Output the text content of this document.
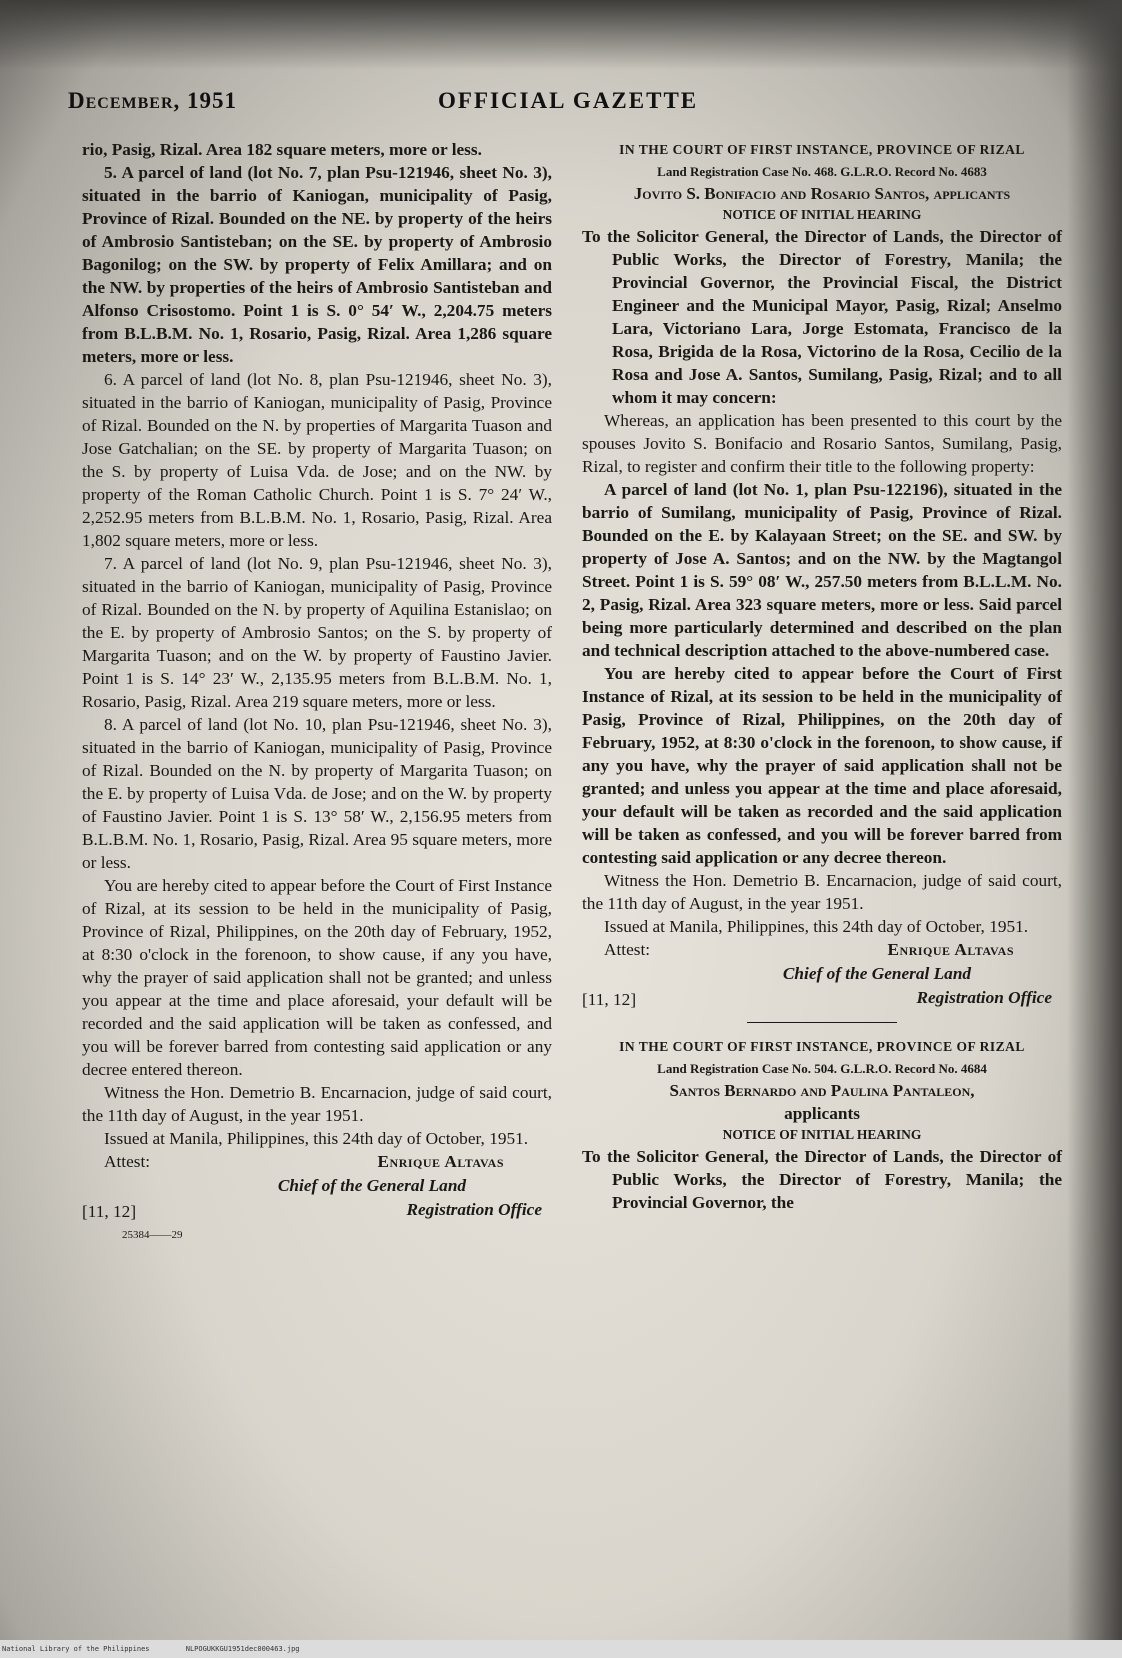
December, 1951	OFFICIAL GAZETTE

rio, Pasig, Rizal. Area 182 square meters, more or less.

5. A parcel of land (lot No. 7, plan Psu-121946, sheet No. 3), situated in the barrio of Kaniogan, municipality of Pasig, Province of Rizal. Bounded on the NE. by property of the heirs of Ambrosio Santisteban; on the SE. by property of Ambrosio Bagonilog; on the SW. by property of Felix Amillara; and on the NW. by properties of the heirs of Ambrosio Santisteban and Alfonso Crisostomo. Point 1 is S. 0° 54′ W., 2,204.75 meters from B.L.B.M. No. 1, Rosario, Pasig, Rizal. Area 1,286 square meters, more or less.

6. A parcel of land (lot No. 8, plan Psu-121946, sheet No. 3), situated in the barrio of Kaniogan, municipality of Pasig, Province of Rizal. Bounded on the N. by properties of Margarita Tuason and Jose Gatchalian; on the SE. by property of Margarita Tuason; on the S. by property of Luisa Vda. de Jose; and on the NW. by property of the Roman Catholic Church. Point 1 is S. 7° 24′ W., 2,252.95 meters from B.L.B.M. No. 1, Rosario, Pasig, Rizal. Area 1,802 square meters, more or less.

7. A parcel of land (lot No. 9, plan Psu-121946, sheet No. 3), situated in the barrio of Kaniogan, municipality of Pasig, Province of Rizal. Bounded on the N. by property of Aquilina Estanislao; on the E. by property of Ambrosio Santos; on the S. by property of Margarita Tuason; and on the W. by property of Faustino Javier. Point 1 is S. 14° 23′ W., 2,135.95 meters from B.L.B.M. No. 1, Rosario, Pasig, Rizal. Area 219 square meters, more or less.

8. A parcel of land (lot No. 10, plan Psu-121946, sheet No. 3), situated in the barrio of Kaniogan, municipality of Pasig, Province of Rizal. Bounded on the N. by property of Margarita Tuason; on the E. by property of Luisa Vda. de Jose; and on the W. by property of Faustino Javier. Point 1 is S. 13° 58′ W., 2,156.95 meters from B.L.B.M. No. 1, Rosario, Pasig, Rizal. Area 95 square meters, more or less.

You are hereby cited to appear before the Court of First Instance of Rizal, at its session to be held in the municipality of Pasig, Province of Rizal, Philippines, on the 20th day of February, 1952, at 8:30 o'clock in the forenoon, to show cause, if any you have, why the prayer of said application shall not be granted; and unless you appear at the time and place aforesaid, your default will be recorded and the said application will be taken as confessed, and you will be forever barred from contesting said application or any decree entered thereon.

Witness the Hon. Demetrio B. Encarnacion, judge of said court, the 11th day of August, in the year 1951.

Issued at Manila, Philippines, this 24th day of October, 1951.

Attest:	Enrique Altavas
Chief of the General Land
[11, 12]	Registration Office
25384——29
IN THE COURT OF FIRST INSTANCE, PROVINCE OF RIZAL
Land Registration Case No. 468. G.L.R.O. Record No. 4683
Jovito S. Bonifacio and Rosario Santos, applicants
NOTICE OF INITIAL HEARING

To the Solicitor General, the Director of Lands, the Director of Public Works, the Director of Forestry, Manila; the Provincial Governor, the Provincial Fiscal, the District Engineer and the Municipal Mayor, Pasig, Rizal; Anselmo Lara, Victoriano Lara, Jorge Estomata, Francisco de la Rosa, Brigida de la Rosa, Victorino de la Rosa, Cecilio de la Rosa and Jose A. Santos, Sumilang, Pasig, Rizal; and to all whom it may concern:

Whereas, an application has been presented to this court by the spouses Jovito S. Bonifacio and Rosario Santos, Sumilang, Pasig, Rizal, to register and confirm their title to the following property:

A parcel of land (lot No. 1, plan Psu-122196), situated in the barrio of Sumilang, municipality of Pasig, Province of Rizal. Bounded on the E. by Kalayaan Street; on the SE. and SW. by property of Jose A. Santos; and on the NW. by the Magtangol Street. Point 1 is S. 59° 08′ W., 257.50 meters from B.L.L.M. No. 2, Pasig, Rizal. Area 323 square meters, more or less. Said parcel being more particularly determined and described on the plan and technical description attached to the above-numbered case.

You are hereby cited to appear before the Court of First Instance of Rizal, at its session to be held in the municipality of Pasig, Province of Rizal, Philippines, on the 20th day of February, 1952, at 8:30 o'clock in the forenoon, to show cause, if any you have, why the prayer of said application shall not be granted; and unless you appear at the time and place aforesaid, your default will be taken as recorded and the said application will be taken as confessed, and you will be forever barred from contesting said application or any decree thereon.

Witness the Hon. Demetrio B. Encarnacion, judge of said court, the 11th day of August, in the year 1951.

Issued at Manila, Philippines, this 24th day of October, 1951.

Attest:	Enrique Altavas
Chief of the General Land
[11, 12]	Registration Office
IN THE COURT OF FIRST INSTANCE, PROVINCE OF RIZAL
Land Registration Case No. 504. G.L.R.O. Record No. 4684
Santos Bernardo and Paulina Pantaleon,
applicants
NOTICE OF INITIAL HEARING

To the Solicitor General, the Director of Lands, the Director of Public Works, the Director of Forestry, Manila; the Provincial Governor, the

National Library of the Philippines	NLPOGUKKGU1951dec000463.jpg
